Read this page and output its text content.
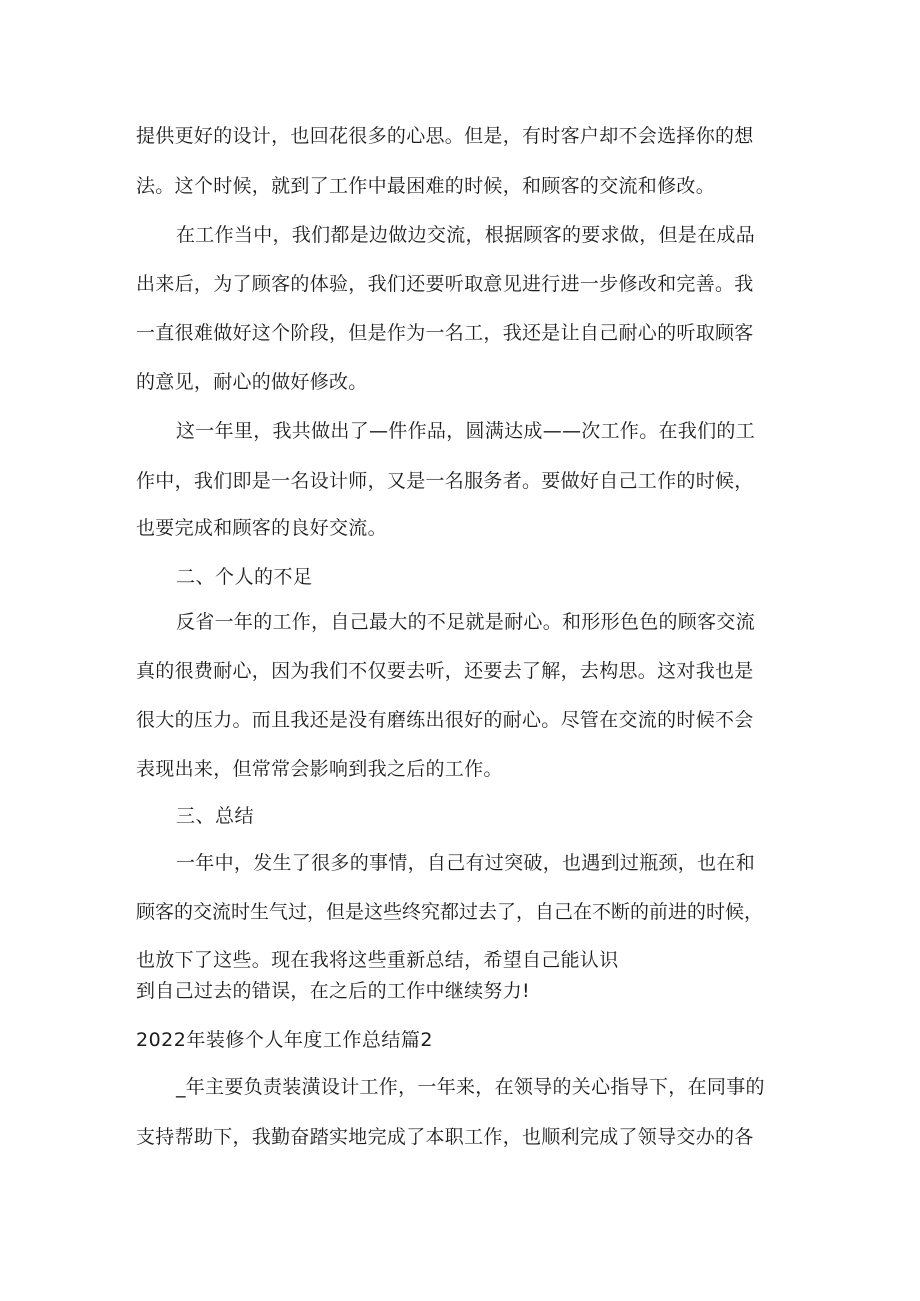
提供更好的设计，也回花很多的心思。但是，有时客户却不会选择你的想
法。这个时候，就到了工作中最困难的时候，和顾客的交流和修改。
在工作当中，我们都是边做边交流，根据顾客的要求做，但是在成品
出来后，为了顾客的体验，我们还要听取意见进行进一步修改和完善。我
一直很难做好这个阶段，但是作为一名工，我还是让自己耐心的听取顾客
的意见，耐心的做好修改。
这一年里，我共做出了—件作品，圆满达成——次工作。在我们的工
作中，我们即是一名设计师，又是一名服务者。要做好自己工作的时候，
也要完成和顾客的良好交流。
二、个人的不足
反省一年的工作，自己最大的不足就是耐心。和形形色色的顾客交流
真的很费耐心，因为我们不仅要去听，还要去了解，去构思。这对我也是
很大的压力。而且我还是没有磨练出很好的耐心。尽管在交流的时候不会
表现出来，但常常会影响到我之后的工作。
三、总结
一年中，发生了很多的事情，自己有过突破，也遇到过瓶颈，也在和
顾客的交流时生气过，但是这些终究都过去了，自己在不断的前进的时候，
也放下了这些。现在我将这些重新总结，希望自己能认识
到自己过去的错误，在之后的工作中继续努力!
2022年装修个人年度工作总结篇2
_年主要负责装潢设计工作，一年来，在领导的关心指导下，在同事的
支持帮助下，我勤奋踏实地完成了本职工作，也顺利完成了领导交办的各
